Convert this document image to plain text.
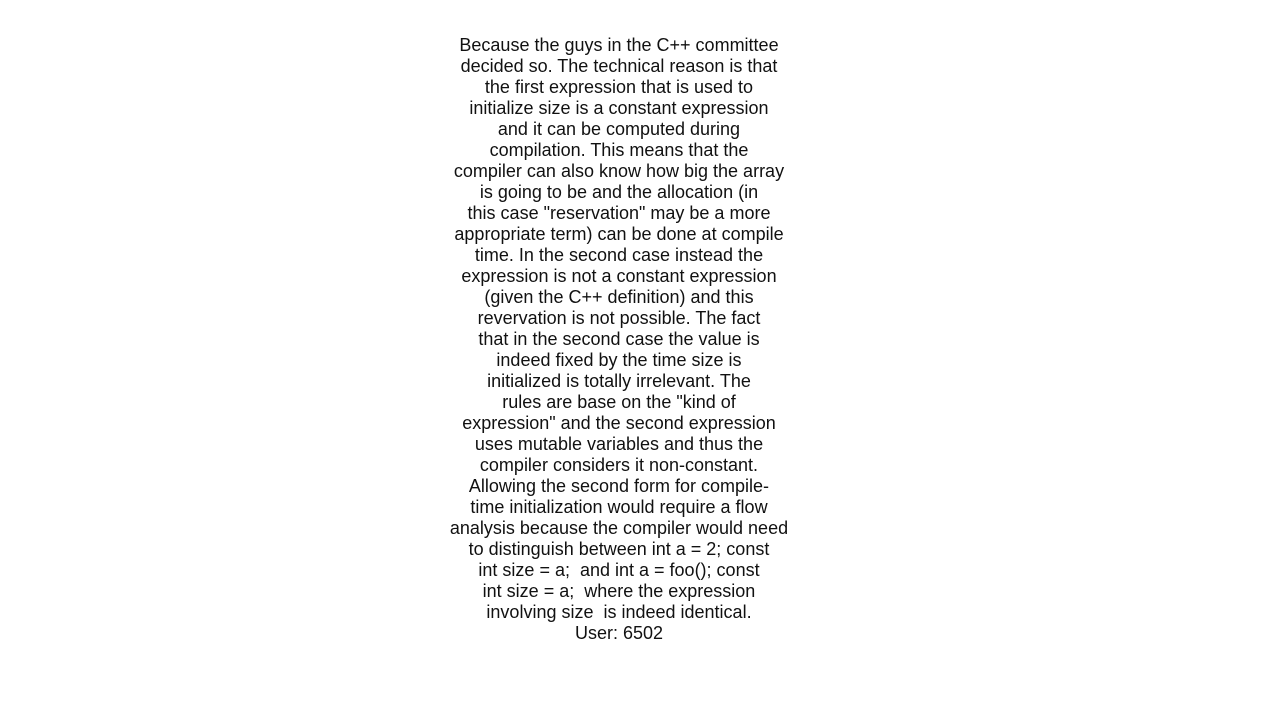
Because the guys in the C++ committee
decided so. The technical reason is that
the first expression that is used to
initialize size is a constant expression
and it can be computed during
compilation. This means that the
compiler can also know how big the array
is going to be and the allocation (in
this case "reservation" may be a more
appropriate term) can be done at compile
time. In the second case instead the
expression is not a constant expression
(given the C++ definition) and this
revervation is not possible. The fact
that in the second case the value is
indeed fixed by the time size is
initialized is totally irrelevant. The
rules are base on the "kind of
expression" and the second expression
uses mutable variables and thus the
compiler considers it non-constant.
Allowing the second form for compile-
time initialization would require a flow
analysis because the compiler would need
to distinguish between int a = 2; const
int size = a;  and int a = foo(); const
int size = a;  where the expression
involving size  is indeed identical.
User: 6502
